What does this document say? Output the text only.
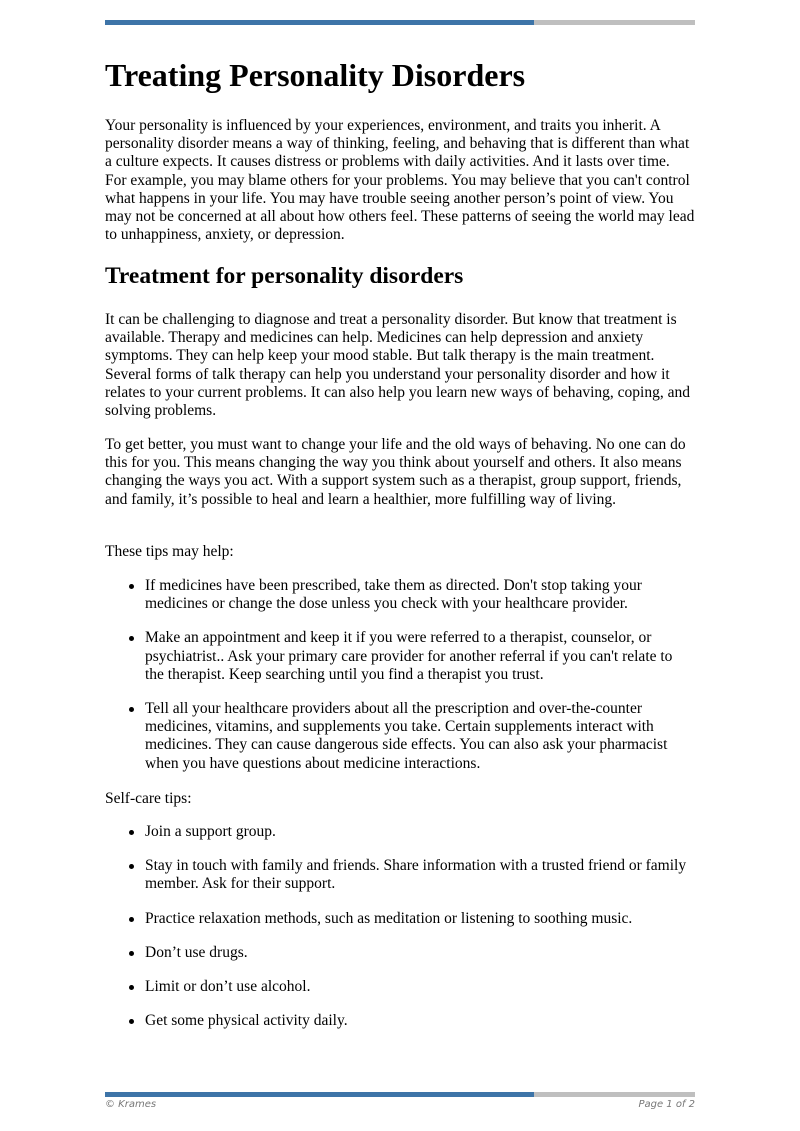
Treating Personality Disorders

Your personality is influenced by your experiences, environment, and traits you inherit. A personality disorder means a way of thinking, feeling, and behaving that is different than what a culture expects. It causes distress or problems with daily activities. And it lasts over time. For example, you may blame others for your problems. You may believe that you can't control what happens in your life. You may have trouble seeing another person’s point of view. You may not be concerned at all about how others feel. These patterns of seeing the world may lead to unhappiness, anxiety, or depression.

Treatment for personality disorders

It can be challenging to diagnose and treat a personality disorder. But know that treatment is available. Therapy and medicines can help. Medicines can help depression and anxiety symptoms. They can help keep your mood stable. But talk therapy is the main treatment. Several forms of talk therapy can help you understand your personality disorder and how it relates to your current problems. It can also help you learn new ways of behaving, coping, and solving problems.

To get better, you must want to change your life and the old ways of behaving. No one can do this for you. This means changing the way you think about yourself and others. It also means changing the ways you act. With a support system such as a therapist, group support, friends, and family, it’s possible to heal and learn a healthier, more fulfilling way of living.

These tips may help:

If medicines have been prescribed, take them as directed. Don't stop taking your medicines or change the dose unless you check with your healthcare provider.
Make an appointment and keep it if you were referred to a therapist, counselor, or psychiatrist.. Ask your primary care provider for another referral if you can't relate to the therapist. Keep searching until you find a therapist you trust.
Tell all your healthcare providers about all the prescription and over-the-counter medicines, vitamins, and supplements you take. Certain supplements interact with medicines. They can cause dangerous side effects. You can also ask your pharmacist when you have questions about medicine interactions.

Self-care tips:

Join a support group.
Stay in touch with family and friends. Share information with a trusted friend or family member. Ask for their support.
Practice relaxation methods, such as meditation or listening to soothing music.
Don’t use drugs.
Limit or don’t use alcohol.
Get some physical activity daily.
© Krames	Page 1 of 2
